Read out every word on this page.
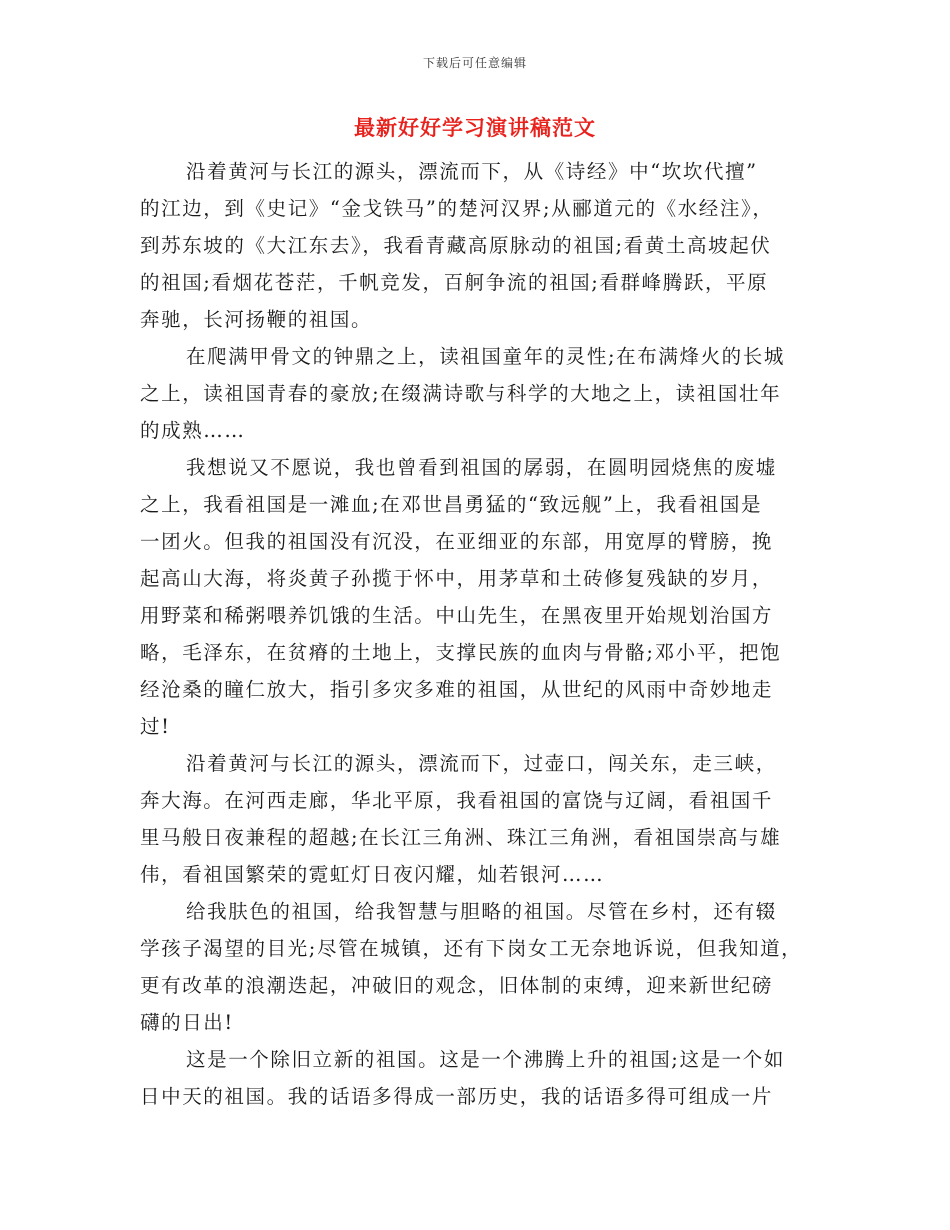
下载后可任意编辑
最新好好学习演讲稿范文
沿着黄河与长江的源头，漂流而下，从《诗经》中“坎坎代擅”
的江边，到《史记》“金戈铁马”的楚河汉界;从郦道元的《水经注》，
到苏东坡的《大江东去》，我看青藏高原脉动的祖国;看黄土高坡起伏
的祖国;看烟花苍茫，千帆竞发，百舸争流的祖国;看群峰腾跃，平原
奔驰，长河扬鞭的祖国。
在爬满甲骨文的钟鼎之上，读祖国童年的灵性;在布满烽火的长城
之上，读祖国青春的豪放;在缀满诗歌与科学的大地之上，读祖国壮年
的成熟……
我想说又不愿说，我也曾看到祖国的孱弱，在圆明园烧焦的废墟
之上，我看祖国是一滩血;在邓世昌勇猛的“致远舰”上，我看祖国是
一团火。但我的祖国没有沉没，在亚细亚的东部，用宽厚的臂膀，挽
起高山大海，将炎黄子孙揽于怀中，用茅草和土砖修复残缺的岁月，
用野菜和稀粥喂养饥饿的生活。中山先生，在黑夜里开始规划治国方
略，毛泽东，在贫瘠的土地上，支撑民族的血肉与骨骼;邓小平，把饱
经沧桑的瞳仁放大，指引多灾多难的祖国，从世纪的风雨中奇妙地走
过!
沿着黄河与长江的源头，漂流而下，过壶口，闯关东，走三峡，
奔大海。在河西走廊，华北平原，我看祖国的富饶与辽阔，看祖国千
里马般日夜兼程的超越;在长江三角洲、珠江三角洲，看祖国崇高与雄
伟，看祖国繁荣的霓虹灯日夜闪耀，灿若银河……
给我肤色的祖国，给我智慧与胆略的祖国。尽管在乡村，还有辍
学孩子渴望的目光;尽管在城镇，还有下岗女工无奈地诉说，但我知道，
更有改革的浪潮迭起，冲破旧的观念，旧体制的束缚，迎来新世纪磅
礴的日出!
这是一个除旧立新的祖国。这是一个沸腾上升的祖国;这是一个如
日中天的祖国。我的话语多得成一部历史，我的话语多得可组成一片
